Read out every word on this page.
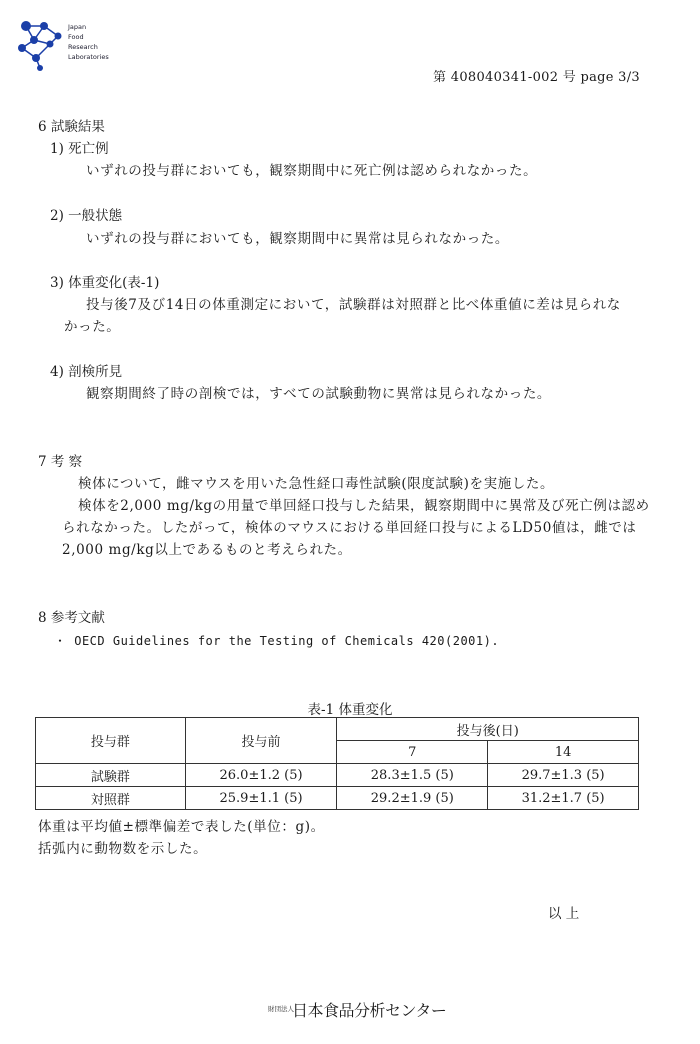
Japan
Food
Research
Laboratories
第 408040341-002 号 page 3/3
6 試験結果
1) 死亡例
いずれの投与群においても，観察期間中に死亡例は認められなかった。
2) 一般状態
いずれの投与群においても，観察期間中に異常は見られなかった。
3) 体重変化(表-1)
投与後7及び14日の体重測定において，試験群は対照群と比べ体重値に差は見られな
かった。
4) 剖検所見
観察期間終了時の剖検では，すべての試験動物に異常は見られなかった。
7 考 察
検体について，雌マウスを用いた急性経口毒性試験(限度試験)を実施した。
検体を2,000 mg/kgの用量で単回経口投与した結果，観察期間中に異常及び死亡例は認め
られなかった。したがって，検体のマウスにおける単回経口投与によるLD50値は，雌では
2,000 mg/kg以上であるものと考えられた。
8 参考文献
・ OECD Guidelines for the Testing of Chemicals 420(2001).
表-1 体重変化
投与群	投与前	投与後(日)	
		7	14
試験群	26.0±1.2 (5)	28.3±1.5 (5)	29.7±1.3 (5)
対照群	25.9±1.1 (5)	29.2±1.9 (5)	31.2±1.7 (5)
体重は平均値±標準偏差で表した(単位：g)。
括弧内に動物数を示した。
以 上
財団法人
日本食品分析センター
